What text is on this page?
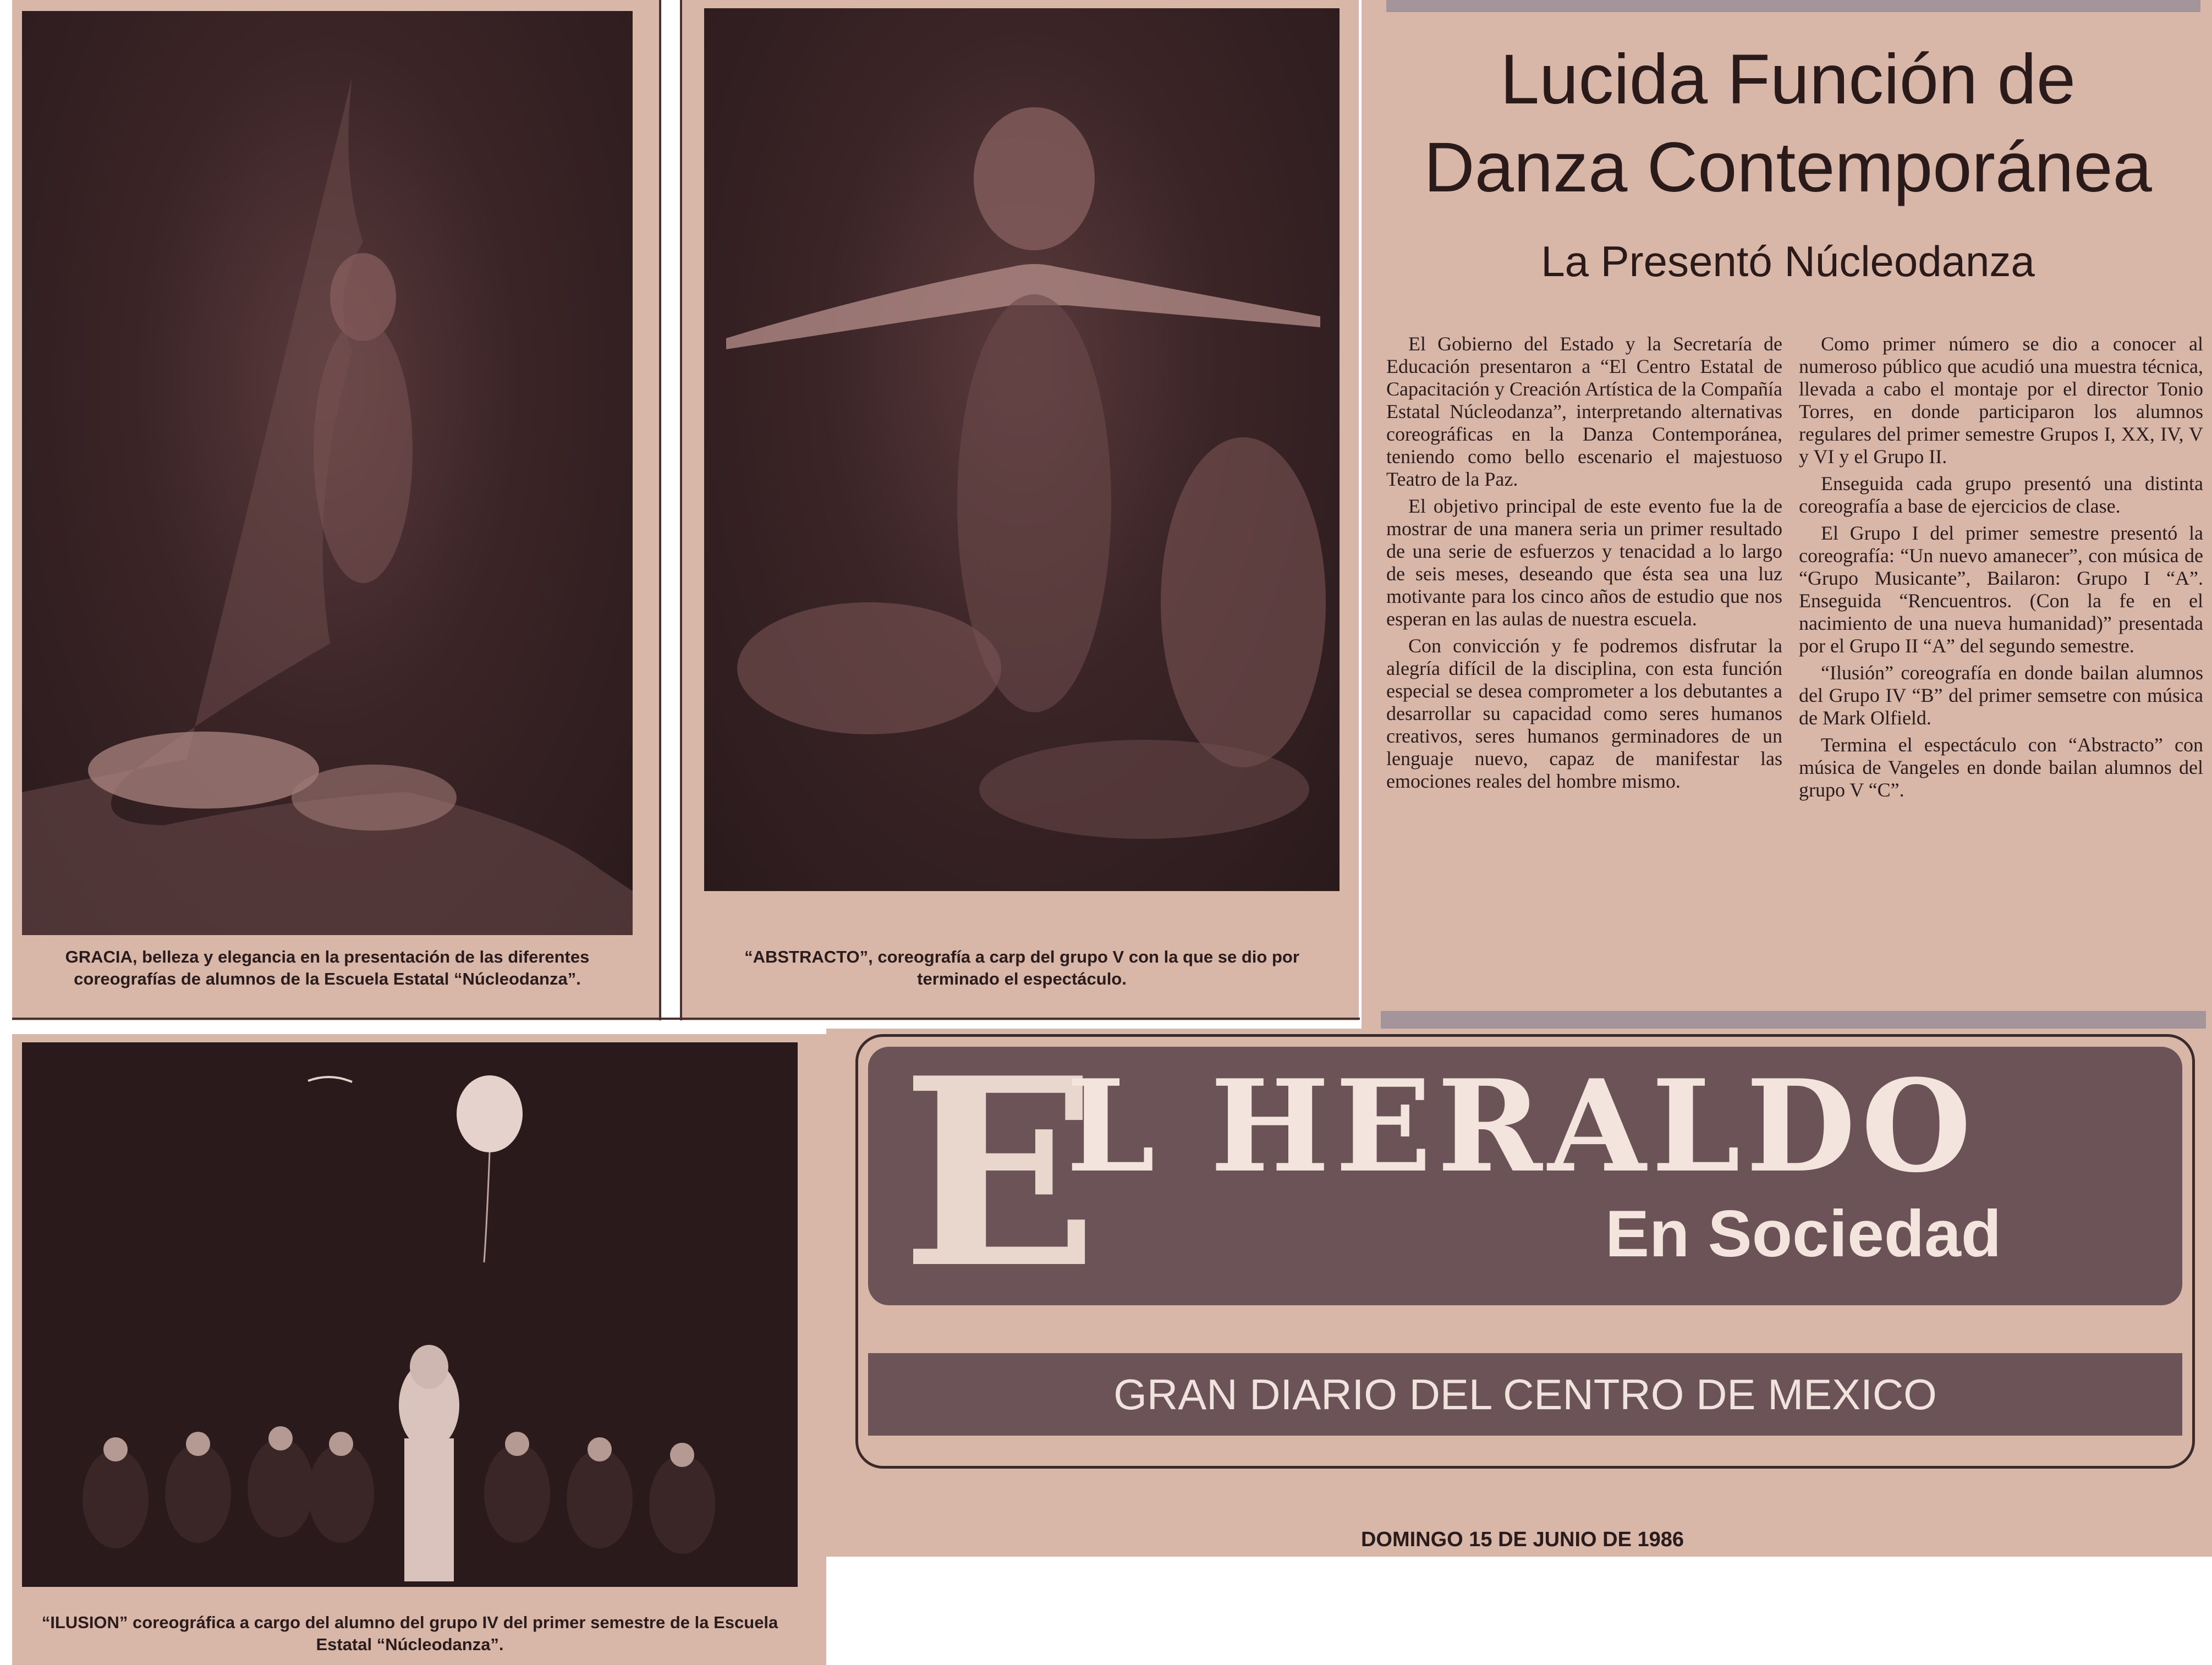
GRACIA, belleza y elegancia en la presentación de las diferentes coreografías de alumnos de la Escuela Estatal “Núcleodanza”.
“ABSTRACTO”, coreografía a carp del grupo V con la que se dio por terminado el espectáculo.
Lucida Función de
Danza Contemporánea
La Presentó Núcleodanza

El Gobierno del Estado y la Secretaría de Educación presentaron a “El Centro Estatal de Capacitación y Creación Artística de la Compañía Estatal Núcleodanza”, interpretando alternativas coreográficas en la Danza Contemporánea, teniendo como bello escenario el majestuoso Teatro de la Paz.

El objetivo principal de este evento fue la de mostrar de una manera seria un primer resultado de una serie de esfuerzos y tenacidad a lo largo de seis meses, deseando que ésta sea una luz motivante para los cinco años de estudio que nos esperan en las aulas de nuestra escuela.

Con convicción y fe podremos disfrutar la alegría difícil de la disciplina, con esta función especial se desea comprometer a los debutantes a desarrollar su capacidad como seres humanos creativos, seres humanos germinadores de un lenguaje nuevo, capaz de manifestar las emociones reales del hombre mismo.

Como primer número se dio a conocer al numeroso público que acudió una muestra técnica, llevada a cabo el montaje por el director Tonio Torres, en donde participaron los alumnos regulares del primer semestre Grupos I, XX, IV, V y VI y el Grupo II.

Enseguida cada grupo presentó una distinta coreografía a base de ejercicios de clase.

El Grupo I del primer semestre presentó la coreografía: “Un nuevo amanecer”, con música de “Grupo Musicante”, Bailaron: Grupo I “A”. Enseguida “Rencuentros. (Con la fe en el nacimiento de una nueva humanidad)” presentada por el Grupo II “A” del segundo semestre.

“Ilusión” coreografía en donde bailan alumnos del Grupo IV “B” del primer semsetre con música de Mark Olfield.

Termina el espectáculo con “Abstracto” con música de Vangeles en donde bailan alumnos del grupo V “C”.

“ILUSION” coreográfica a cargo del alumno del grupo IV del primer semestre de la Escuela Estatal “Núcleodanza”.
E
L HERALDO
En Sociedad
GRAN DIARIO DEL CENTRO DE MEXICO
DOMINGO 15 DE JUNIO DE 1986
